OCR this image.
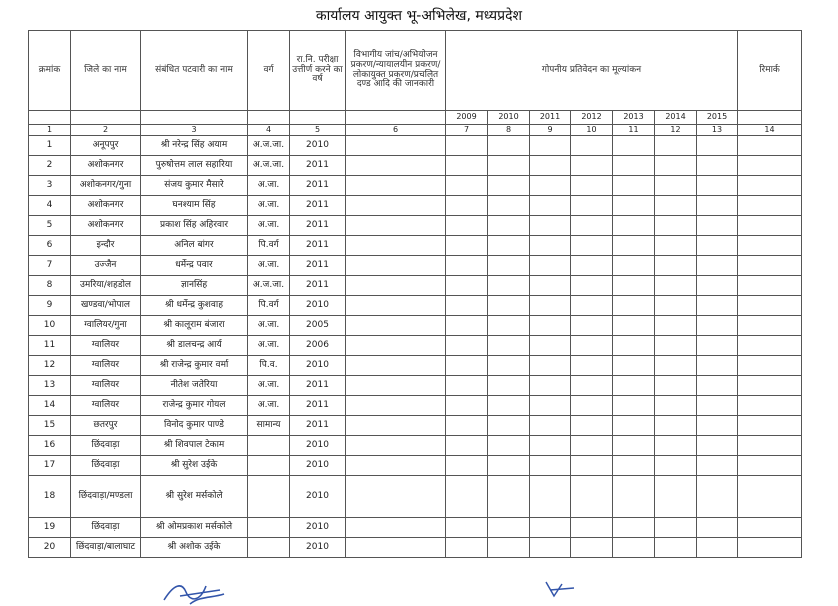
कार्यालय आयुक्त भू-अभिलेख, मध्यप्रदेश
क्रमांक	जिले का नाम	संबंधित पटवारी का नाम	वर्ग	रा.नि. परीक्षा उत्तीर्ण करने का वर्ष	विभागीय जांच/अभियोजन प्रकरण/न्यायालयीन प्रकरण/लोकायुक्त प्रकरण/प्रचलित दण्ड आदि की जानकारी	गोपनीय प्रतिवेदन का मूल्यांकन							रिमार्क
						2009	2010	2011	2012	2013	2014	2015	
1	2	3	4	5	6	7	8	9	10	11	12	13	14
1	अनूपपुर	श्री नरेन्द्र सिंह अयाम	अ.ज.जा.	2010									
2	अशोकनगर	पुरुषोत्तम लाल सहारिया	अ.ज.जा.	2011									
3	अशोकनगर/गुना	संजय कुमार मैसारे	अ.जा.	2011									
4	अशोकनगर	घनश्याम सिंह	अ.जा.	2011									
5	अशोकनगर	प्रकाश सिंह अहिरवार	अ.जा.	2011									
6	इन्दौर	अनिल बांगर	पि.वर्ग	2011									
7	उज्जैन	धर्मेन्द्र पवार	अ.जा.	2011									
8	उमरिया/शहडोल	ज्ञानसिंह	अ.ज.जा.	2011									
9	खण्डवा/भोपाल	श्री धर्मेन्द्र कुशवाह	पि.वर्ग	2010									
10	ग्वालियर/गुना	श्री कालूराम बंजारा	अ.जा.	2005									
11	ग्वालियर	श्री डालचन्द्र आर्य	अ.जा.	2006									
12	ग्वालियर	श्री राजेन्द्र कुमार वर्मा	पि.व.	2010									
13	ग्वालियर	नीतेश जतेरिया	अ.जा.	2011									
14	ग्वालियर	राजेन्द्र कुमार गोयल	अ.जा.	2011									
15	छतरपुर	विनोद कुमार पाण्डे	सामान्य	2011									
16	छिंदवाड़ा	श्री शिवपाल टेकाम		2010									
17	छिंदवाड़ा	श्री सुरेश उईके		2010									
18	छिंदवाड़ा/मण्डला	श्री सुरेश मर्सकोले		2010									
19	छिंदवाड़ा	श्री ओमप्रकाश मर्सकोले		2010									
20	छिंदवाड़ा/बालाघाट	श्री अशोक उईके		2010									
